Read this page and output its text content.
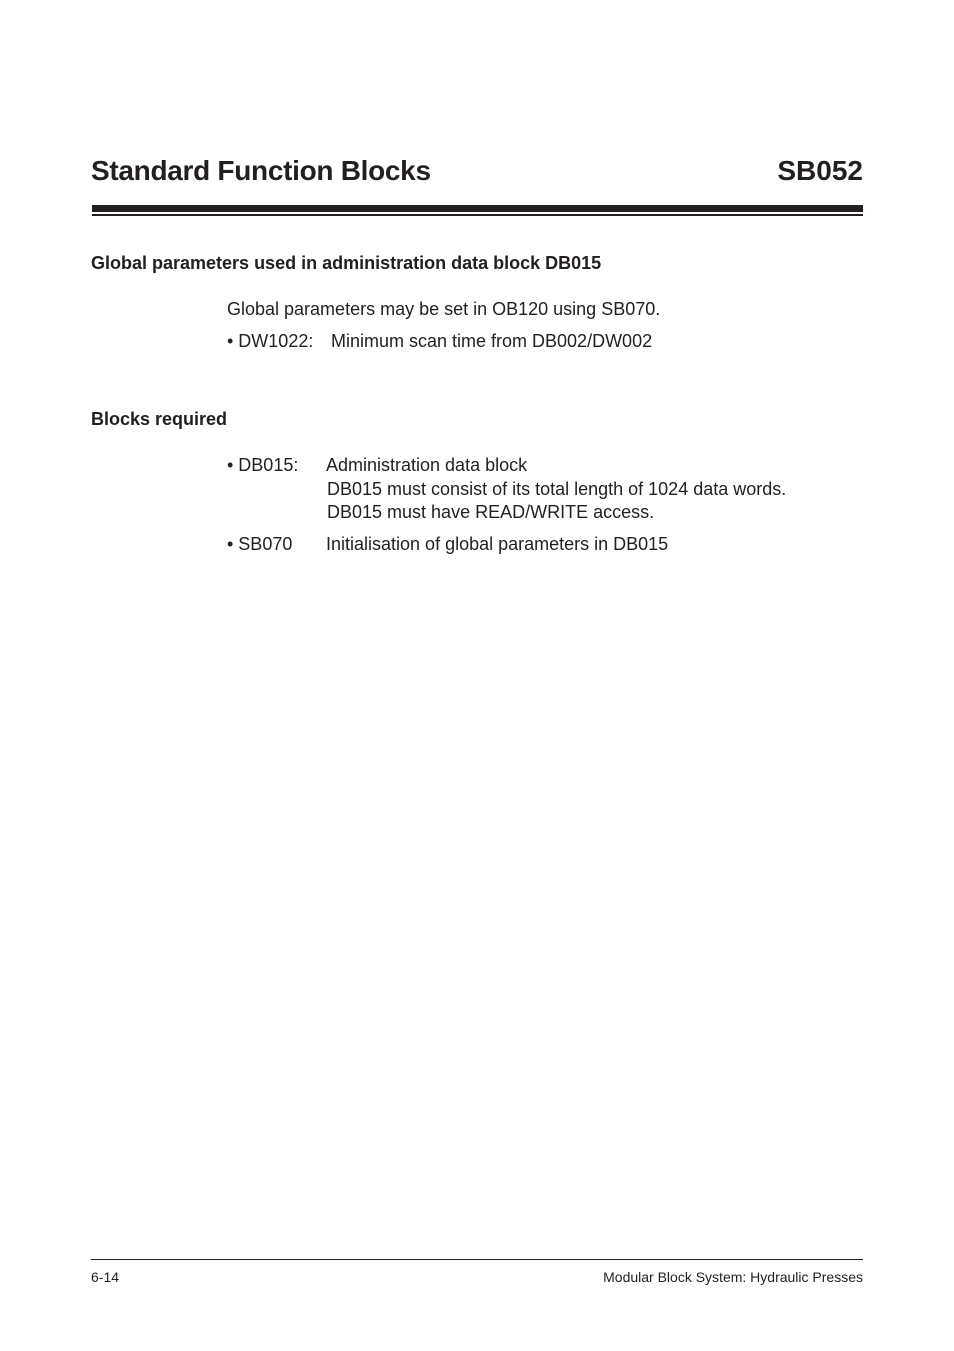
Standard Function Blocks	SB052
Global parameters used in administration data block DB015
Global parameters may be set in OB120 using SB070.
• DW1022: Minimum scan time from DB002/DW002
Blocks required
• DB015: Administration data block
DB015 must consist of its total length of 1024 data words.
DB015 must have READ/WRITE access.
• SB070 Initialisation of global parameters in DB015
6-14	Modular Block System: Hydraulic Presses
